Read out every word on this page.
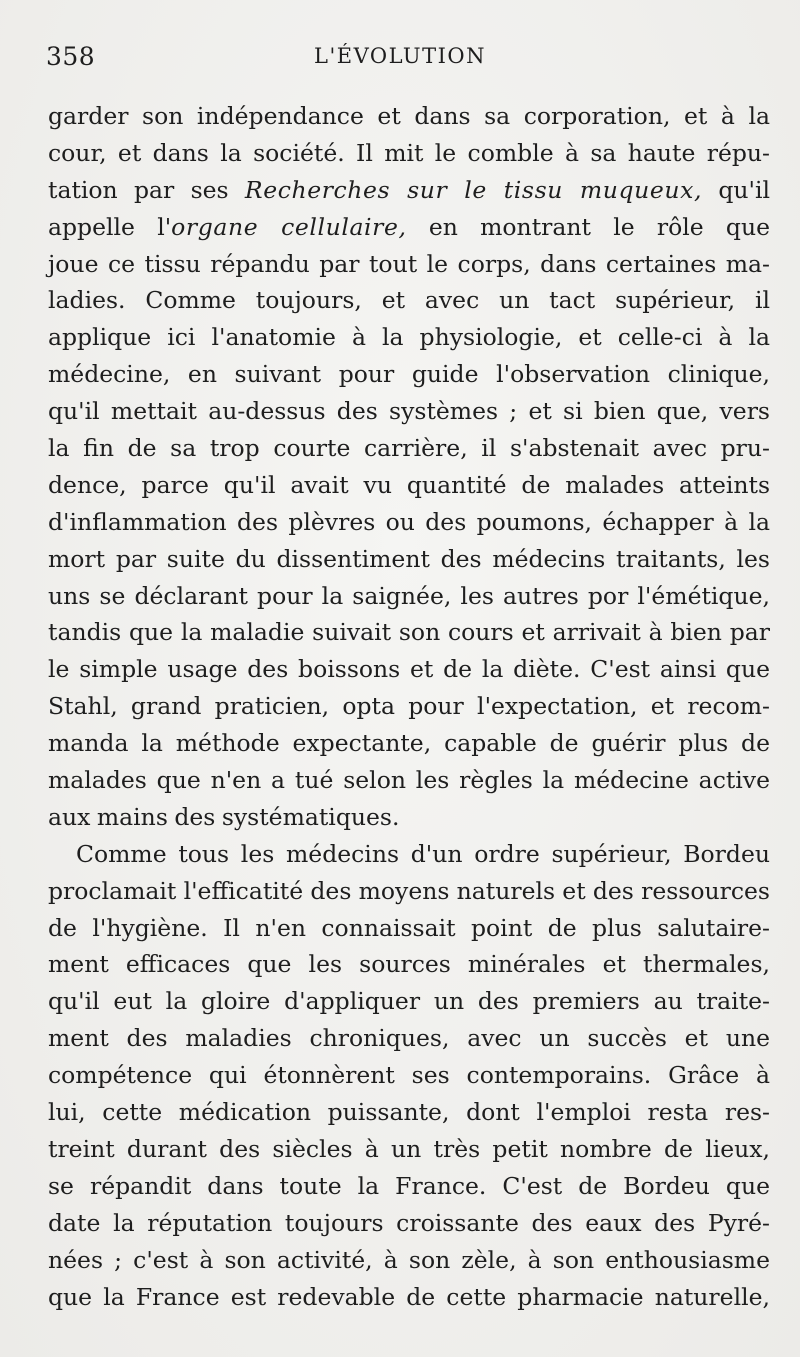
358	L'ÉVOLUTION
garder son indépendance et dans sa corporation, et à la
cour, et dans la société. Il mit le comble à sa haute répu-
tation par ses Recherches sur le tissu muqueux, qu'il
appelle l'organe cellulaire, en montrant le rôle que
joue ce tissu répandu par tout le corps, dans certaines ma-
ladies. Comme toujours, et avec un tact supérieur, il
applique ici l'anatomie à la physiologie, et celle-ci à la
médecine, en suivant pour guide l'observation clinique,
qu'il mettait au-dessus des systèmes ; et si bien que, vers
la fin de sa trop courte carrière, il s'abstenait avec pru-
dence, parce qu'il avait vu quantité de malades atteints
d'inflammation des plèvres ou des poumons, échapper à la
mort par suite du dissentiment des médecins traitants, les
uns se déclarant pour la saignée, les autres por l'émétique,
tandis que la maladie suivait son cours et arrivait à bien par
le simple usage des boissons et de la diète. C'est ainsi que
Stahl, grand praticien, opta pour l'expectation, et recom-
manda la méthode expectante, capable de guérir plus de
malades que n'en a tué selon les règles la médecine active
aux mains des systématiques.
Comme tous les médecins d'un ordre supérieur, Bordeu
proclamait l'efficatité des moyens naturels et des ressources
de l'hygiène. Il n'en connaissait point de plus salutaire-
ment efficaces que les sources minérales et thermales,
qu'il eut la gloire d'appliquer un des premiers au traite-
ment des maladies chroniques, avec un succès et une
compétence qui étonnèrent ses contemporains. Grâce à
lui, cette médication puissante, dont l'emploi resta res-
treint durant des siècles à un très petit nombre de lieux,
se répandit dans toute la France. C'est de Bordeu que
date la réputation toujours croissante des eaux des Pyré-
nées ; c'est à son activité, à son zèle, à son enthousiasme
que la France est redevable de cette pharmacie naturelle,
